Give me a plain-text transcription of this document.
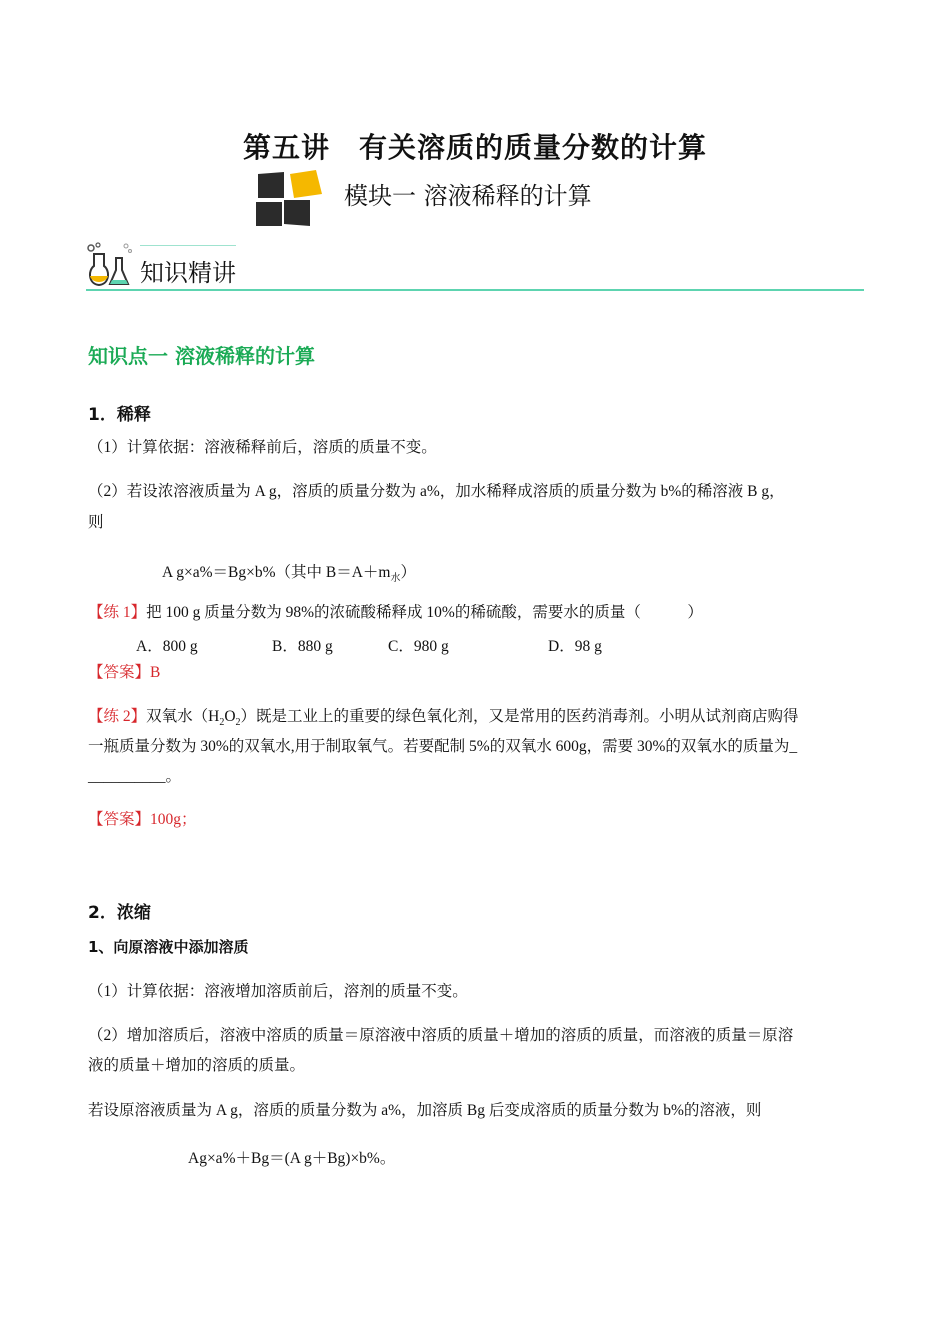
第五讲　有关溶质的质量分数的计算
模块一 溶液稀释的计算
知识精讲
知识点一 溶液稀释的计算
1．稀释
（1）计算依据：溶液稀释前后，溶质的质量不变。
（2）若设浓溶液质量为 A g，溶质的质量分数为 a%，加水稀释成溶质的质量分数为 b%的稀溶液 B g，
则
A g×a%＝Bg×b%（其中 $B=A+m_水$）
【练 1】把 100 g 质量分数为 98%的浓硫酸稀释成 10%的稀硫酸，需要水的质量（　　　）
A．800 g	B．880 g	C．980 g	D．98 g
【答案】B
【练 2】双氧水$(H_2O_2)$既是工业上的重要的绿色氧化剂，又是常用的医药消毒剂。小明从试剂商店购得
一瓶质量分数为 30%的双氧水,用于制取氧气。若要配制 5%的双氧水 600g，需要 30%的双氧水的质量为_
__________。
【答案】100g；
2．浓缩
1、向原溶液中添加溶质
（1）计算依据：溶液增加溶质前后，溶剂的质量不变。
（2）增加溶质后，溶液中溶质的质量＝原溶液中溶质的质量＋增加的溶质的质量，而溶液的质量＝原溶
液的质量＋增加的溶质的质量。
若设原溶液质量为 A g，溶质的质量分数为 a%，加溶质 Bg 后变成溶质的质量分数为 b%的溶液，则
Ag×a%＋Bg＝(A g＋Bg)×b%。
